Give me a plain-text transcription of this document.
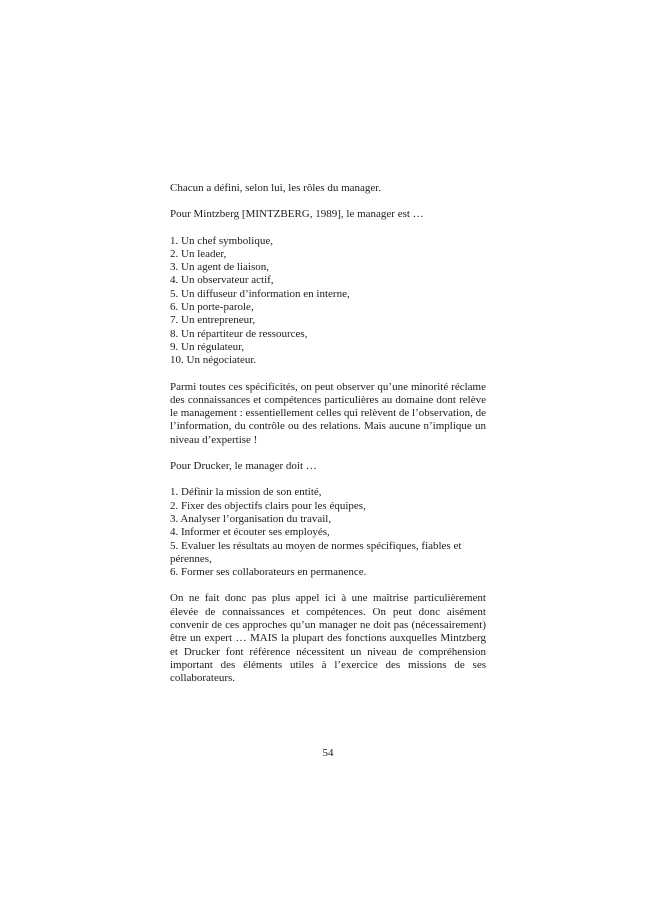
Chacun a défini, selon lui, les rôles du manager.

Pour Mintzberg [MINTZBERG, 1989], le manager est …

1. Un chef symbolique,
2. Un leader,
3. Un agent de liaison,
4. Un observateur actif,
5. Un diffuseur d’information en interne,
6. Un porte-parole,
7. Un entrepreneur,
8. Un répartiteur de ressources,
9. Un régulateur,
10. Un négociateur.

Parmi toutes ces spécificités, on peut observer qu’une minorité réclame des connaissances et compétences particulières au domaine dont relève le management : essentiellement celles qui relèvent de l’observation, de l’information, du contrôle ou des relations. Mais aucune n’implique un niveau d’expertise !

Pour Drucker, le manager doit …

1. Définir la mission de son entité,
2. Fixer des objectifs clairs pour les équipes,
3. Analyser l’organisation du travail,
4. Informer et écouter ses employés,
5. Evaluer les résultats au moyen de normes spécifiques, fiables et pérennes,
6. Former ses collaborateurs en permanence.

On ne fait donc pas plus appel ici à une maîtrise particulièrement élevée de connaissances et compétences. On peut donc aisément convenir de ces approches qu’un manager ne doit pas (nécessairement) être un expert … MAIS la plupart des fonctions auxquelles Mintzberg et Drucker font référence nécessitent un niveau de compréhension important des éléments utiles à l’exercice des missions de ses collaborateurs.

54
